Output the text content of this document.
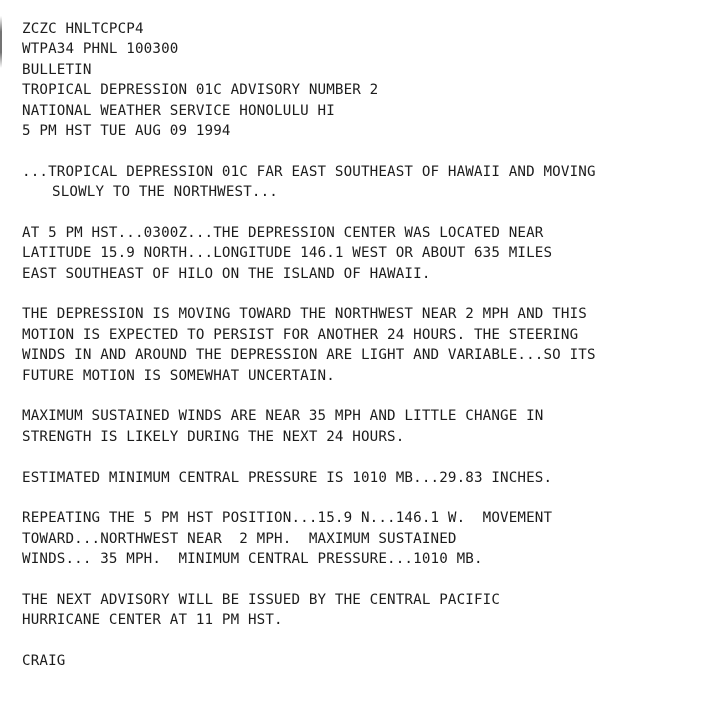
ZCZC HNLTCPCP4
WTPA34 PHNL 100300
BULLETIN
TROPICAL DEPRESSION 01C ADVISORY NUMBER 2
NATIONAL WEATHER SERVICE HONOLULU HI
5 PM HST TUE AUG 09 1994
...TROPICAL DEPRESSION 01C FAR EAST SOUTHEAST OF HAWAII AND MOVING
SLOWLY TO THE NORTHWEST...
AT 5 PM HST...0300Z...THE DEPRESSION CENTER WAS LOCATED NEAR
LATITUDE 15.9 NORTH...LONGITUDE 146.1 WEST OR ABOUT 635 MILES
EAST SOUTHEAST OF HILO ON THE ISLAND OF HAWAII.
THE DEPRESSION IS MOVING TOWARD THE NORTHWEST NEAR 2 MPH AND THIS
MOTION IS EXPECTED TO PERSIST FOR ANOTHER 24 HOURS. THE STEERING
WINDS IN AND AROUND THE DEPRESSION ARE LIGHT AND VARIABLE...SO ITS
FUTURE MOTION IS SOMEWHAT UNCERTAIN.
MAXIMUM SUSTAINED WINDS ARE NEAR 35 MPH AND LITTLE CHANGE IN
STRENGTH IS LIKELY DURING THE NEXT 24 HOURS.
ESTIMATED MINIMUM CENTRAL PRESSURE IS 1010 MB...29.83 INCHES.
REPEATING THE 5 PM HST POSITION...15.9 N...146.1 W.  MOVEMENT
TOWARD...NORTHWEST NEAR  2 MPH.  MAXIMUM SUSTAINED
WINDS... 35 MPH.  MINIMUM CENTRAL PRESSURE...1010 MB.
THE NEXT ADVISORY WILL BE ISSUED BY THE CENTRAL PACIFIC
HURRICANE CENTER AT 11 PM HST.
CRAIG
